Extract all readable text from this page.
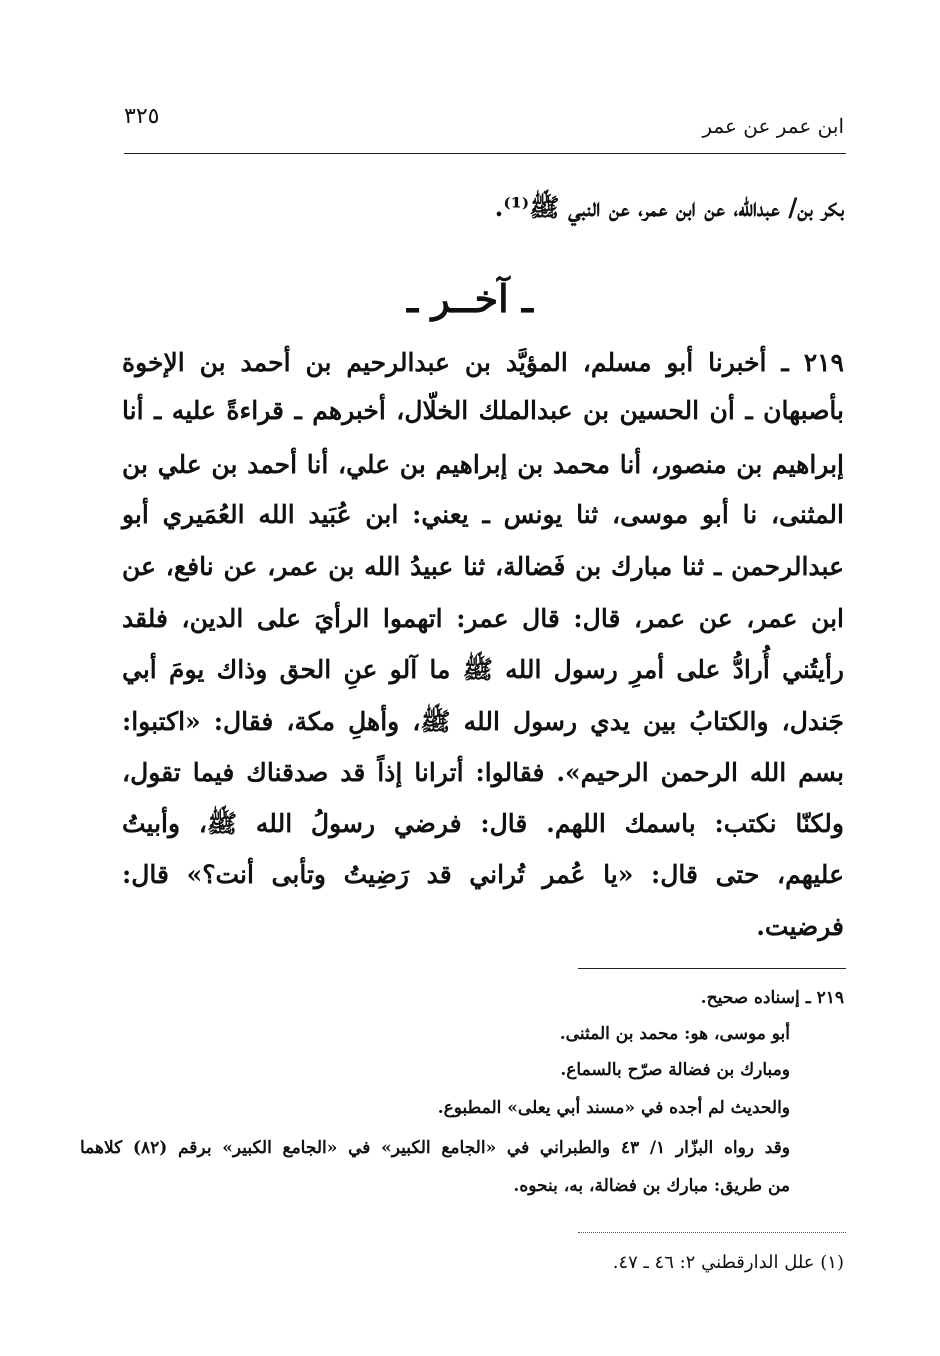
ابن عمر عن عمر
٣٢٥
بكر بن/ عبدالله، عن ابن عمر، عن النبي ﷺ⁽¹⁾.
ـ آخــر ـ
٢١٩ ـ أخبرنا أبو مسلم، المؤيَّد بن عبدالرحيم بن أحمد بن الإخوة
بأصبهان ـ أن الحسين بن عبدالملك الخلّال، أخبرهم ـ قراءةً عليه ـ أنا
إبراهيم بن منصور، أنا محمد بن إبراهيم بن علي، أنا أحمد بن علي بن
المثنى، نا أبو موسى، ثنا يونس ـ يعني: ابن عُبَيد الله العُمَيري أبو
عبدالرحمن ـ ثنا مبارك بن فَضالة، ثنا عبيدُ الله بن عمر، عن نافع، عن
ابن عمر، عن عمر، قال: قال عمر: اتهموا الرأيَ على الدين، فلقد
رأيتُني أُرادُّ على أمرِ رسول الله ﷺ ما آلو عنِ الحق وذاك يومَ أبي
جَندل، والكتابُ بين يدي رسول الله ﷺ، وأهلِ مكة، فقال: «اكتبوا:
بسم الله الرحمن الرحيم». فقالوا: أترانا إذاً قد صدقناك فيما تقول،
ولكنّا نكتب: باسمك اللهم. قال: فرضي رسولُ الله ﷺ، وأبيتُ
عليهم، حتى قال: «يا عُمر تُراني قد رَضِيتُ وتأبى أنت؟» قال:
فرضيت.
٢١٩ ـ إسناده صحيح.
أبو موسى، هو: محمد بن المثنى.
ومبارك بن فضالة صرّح بالسماع.
والحديث لم أجده في «مسند أبي يعلى» المطبوع.
وقد رواه البزّار ١/ ٤٣ والطبراني في «الجامع الكبير» في «الجامع الكبير» برقم (٨٢) كلاهما
من طريق: مبارك بن فضالة، به، بنحوه.
(١) علل الدارقطني ٢: ٤٦ ـ ٤٧.
